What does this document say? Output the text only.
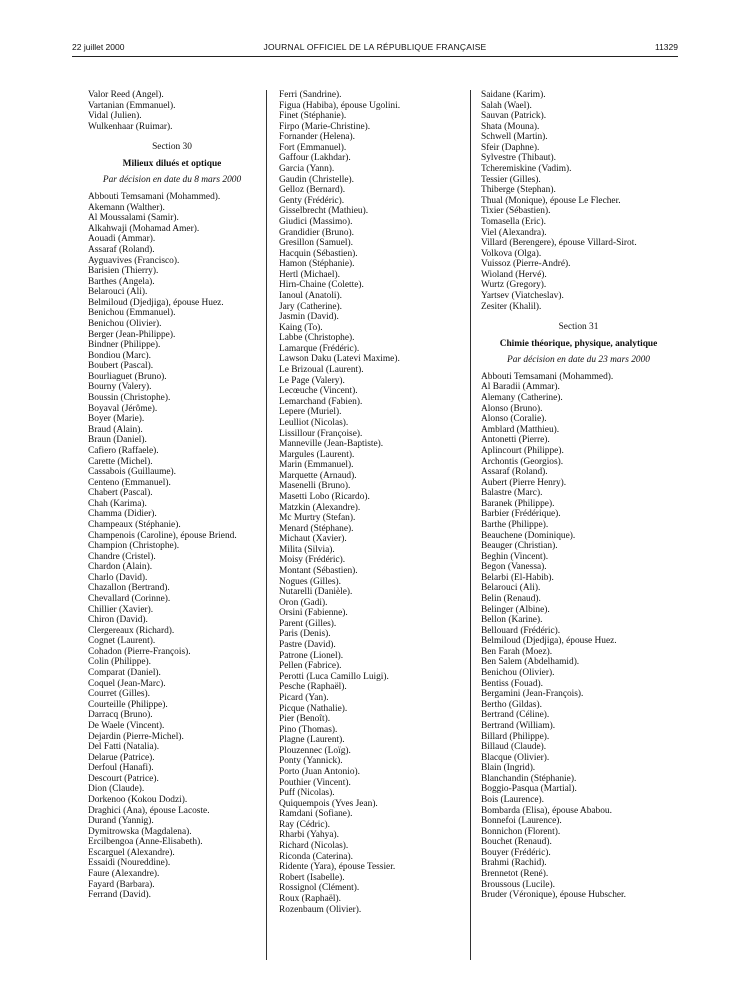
22 juillet 2000	JOURNAL OFFICIEL DE LA RÉPUBLIQUE FRANÇAISE	11329
Valor Reed (Angel).
Vartanian (Emmanuel).
Vidal (Julien).
Wulkenhaar (Ruimar).
Section 30
Milieux dilués et optique
Par décision en date du 8 mars 2000
Abbouti Temsamani (Mohammed).
Akemann (Walther).
Al Moussalami (Samir).
Alkahwaji (Mohamad Amer).
Aouadi (Ammar).
Assaraf (Roland).
Ayguavives (Francisco).
Barisien (Thierry).
Barthes (Angela).
Belarouci (Ali).
Belmiloud (Djedjiga), épouse Huez.
Benichou (Emmanuel).
Benichou (Olivier).
Berger (Jean-Philippe).
Bindner (Philippe).
Bondiou (Marc).
Boubert (Pascal).
Bourliaguet (Bruno).
Bourny (Valery).
Boussin (Christophe).
Boyaval (Jérôme).
Boyer (Marie).
Braud (Alain).
Braun (Daniel).
Cafiero (Raffaele).
Carette (Michel).
Cassabois (Guillaume).
Centeno (Emmanuel).
Chabert (Pascal).
Chah (Karima).
Chamma (Didier).
Champeaux (Stéphanie).
Champenois (Caroline), épouse Briend.
Champion (Christophe).
Chandre (Cristel).
Chardon (Alain).
Charlo (David).
Chazallon (Bertrand).
Chevallard (Corinne).
Chillier (Xavier).
Chiron (David).
Clergereaux (Richard).
Cognet (Laurent).
Cohadon (Pierre-François).
Colin (Philippe).
Comparat (Daniel).
Coquel (Jean-Marc).
Courret (Gilles).
Courteille (Philippe).
Darracq (Bruno).
De Waele (Vincent).
Dejardin (Pierre-Michel).
Del Fatti (Natalia).
Delarue (Patrice).
Derfoul (Hanafi).
Descourt (Patrice).
Dion (Claude).
Dorkenoo (Kokou Dodzi).
Draghici (Ana), épouse Lacoste.
Durand (Yannig).
Dymitrowska (Magdalena).
Ercilbengoa (Anne-Elisabeth).
Escarguel (Alexandre).
Essaidi (Noureddine).
Faure (Alexandre).
Fayard (Barbara).
Ferrand (David).
Ferri (Sandrine).
Figua (Habiba), épouse Ugolini.
Finet (Stéphanie).
Firpo (Marie-Christine).
Fornander (Helena).
Fort (Emmanuel).
Gaffour (Lakhdar).
Garcia (Yann).
Gaudin (Christelle).
Gelloz (Bernard).
Genty (Frédéric).
Gisselbrecht (Mathieu).
Giudici (Massimo).
Grandidier (Bruno).
Gresillon (Samuel).
Hacquin (Sébastien).
Hamon (Stéphanie).
Hertl (Michael).
Hirn-Chaine (Colette).
Ianoul (Anatoli).
Jary (Catherine).
Jasmin (David).
Kaing (To).
Labbe (Christophe).
Lamarque (Frédéric).
Lawson Daku (Latevi Maxime).
Le Brizoual (Laurent).
Le Page (Valery).
Lecœuche (Vincent).
Lemarchand (Fabien).
Lepere (Muriel).
Leulliot (Nicolas).
Lissillour (Françoise).
Manneville (Jean-Baptiste).
Margules (Laurent).
Marin (Emmanuel).
Marquette (Arnaud).
Masenelli (Bruno).
Masetti Lobo (Ricardo).
Matzkin (Alexandre).
Mc Murtry (Stefan).
Menard (Stéphane).
Michaut (Xavier).
Milita (Silvia).
Moisy (Frédéric).
Montant (Sébastien).
Nogues (Gilles).
Nutarelli (Danièle).
Oron (Gadi).
Orsini (Fabienne).
Parent (Gilles).
Paris (Denis).
Pastre (David).
Patrone (Lionel).
Pellen (Fabrice).
Perotti (Luca Camillo Luigi).
Pesche (Raphaël).
Picard (Yan).
Picque (Nathalie).
Pier (Benoît).
Pino (Thomas).
Plagne (Laurent).
Plouzennec (Loïg).
Ponty (Yannick).
Porto (Juan Antonio).
Pouthier (Vincent).
Puff (Nicolas).
Quiquempois (Yves Jean).
Ramdani (Sofiane).
Ray (Cédric).
Rharbi (Yahya).
Richard (Nicolas).
Riconda (Caterina).
Ridente (Yara), épouse Tessier.
Robert (Isabelle).
Rossignol (Clément).
Roux (Raphaël).
Rozenbaum (Olivier).
Saidane (Karim).
Salah (Wael).
Sauvan (Patrick).
Shata (Mouna).
Schwell (Martin).
Sfeir (Daphne).
Sylvestre (Thibaut).
Tcheremiskine (Vadim).
Tessier (Gilles).
Thiberge (Stephan).
Thual (Monique), épouse Le Flecher.
Tixier (Sébastien).
Tomasella (Eric).
Viel (Alexandra).
Villard (Berengere), épouse Villard-Sirot.
Volkova (Olga).
Vuissoz (Pierre-André).
Wioland (Hervé).
Wurtz (Gregory).
Yartsev (Viatcheslav).
Zesiter (Khalil).
Section 31
Chimie théorique, physique, analytique
Par décision en date du 23 mars 2000
Abbouti Temsamani (Mohammed).
Al Baradii (Ammar).
Alemany (Catherine).
Alonso (Bruno).
Alonso (Coralie).
Amblard (Matthieu).
Antonetti (Pierre).
Aplincourt (Philippe).
Archontis (Georgios).
Assaraf (Roland).
Aubert (Pierre Henry).
Balastre (Marc).
Baranek (Philippe).
Barbier (Frédérique).
Barthe (Philippe).
Beauchene (Dominique).
Beauger (Christian).
Beghin (Vincent).
Begon (Vanessa).
Belarbi (El-Habib).
Belarouci (Ali).
Belin (Renaud).
Belinger (Albine).
Bellon (Karine).
Bellouard (Frédéric).
Belmiloud (Djedjiga), épouse Huez.
Ben Farah (Moez).
Ben Salem (Abdelhamid).
Benichou (Olivier).
Bentiss (Fouad).
Bergamini (Jean-François).
Bertho (Gildas).
Bertrand (Céline).
Bertrand (William).
Billard (Philippe).
Billaud (Claude).
Blacque (Olivier).
Blain (Ingrid).
Blanchandin (Stéphanie).
Boggio-Pasqua (Martial).
Bois (Laurence).
Bombarda (Elisa), épouse Ababou.
Bonnefoi (Laurence).
Bonnichon (Florent).
Bouchet (Renaud).
Bouyer (Frédéric).
Brahmi (Rachid).
Brennetot (René).
Broussous (Lucile).
Bruder (Véronique), épouse Hubscher.
